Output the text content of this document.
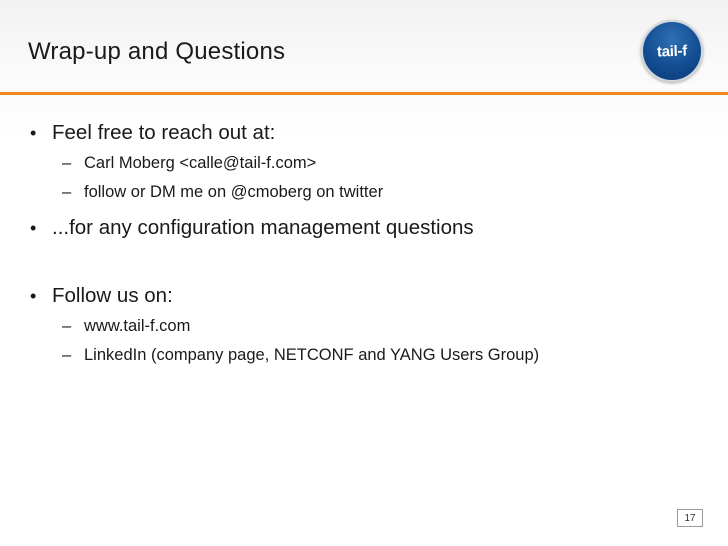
Wrap-up and Questions	tail-f
• Feel free to reach out at:
– Carl Moberg <calle@tail-f.com>
– follow or DM me on @cmoberg on twitter
• ...for any configuration management questions
• Follow us on:
– www.tail-f.com
– LinkedIn (company page, NETCONF and YANG Users Group)
17
